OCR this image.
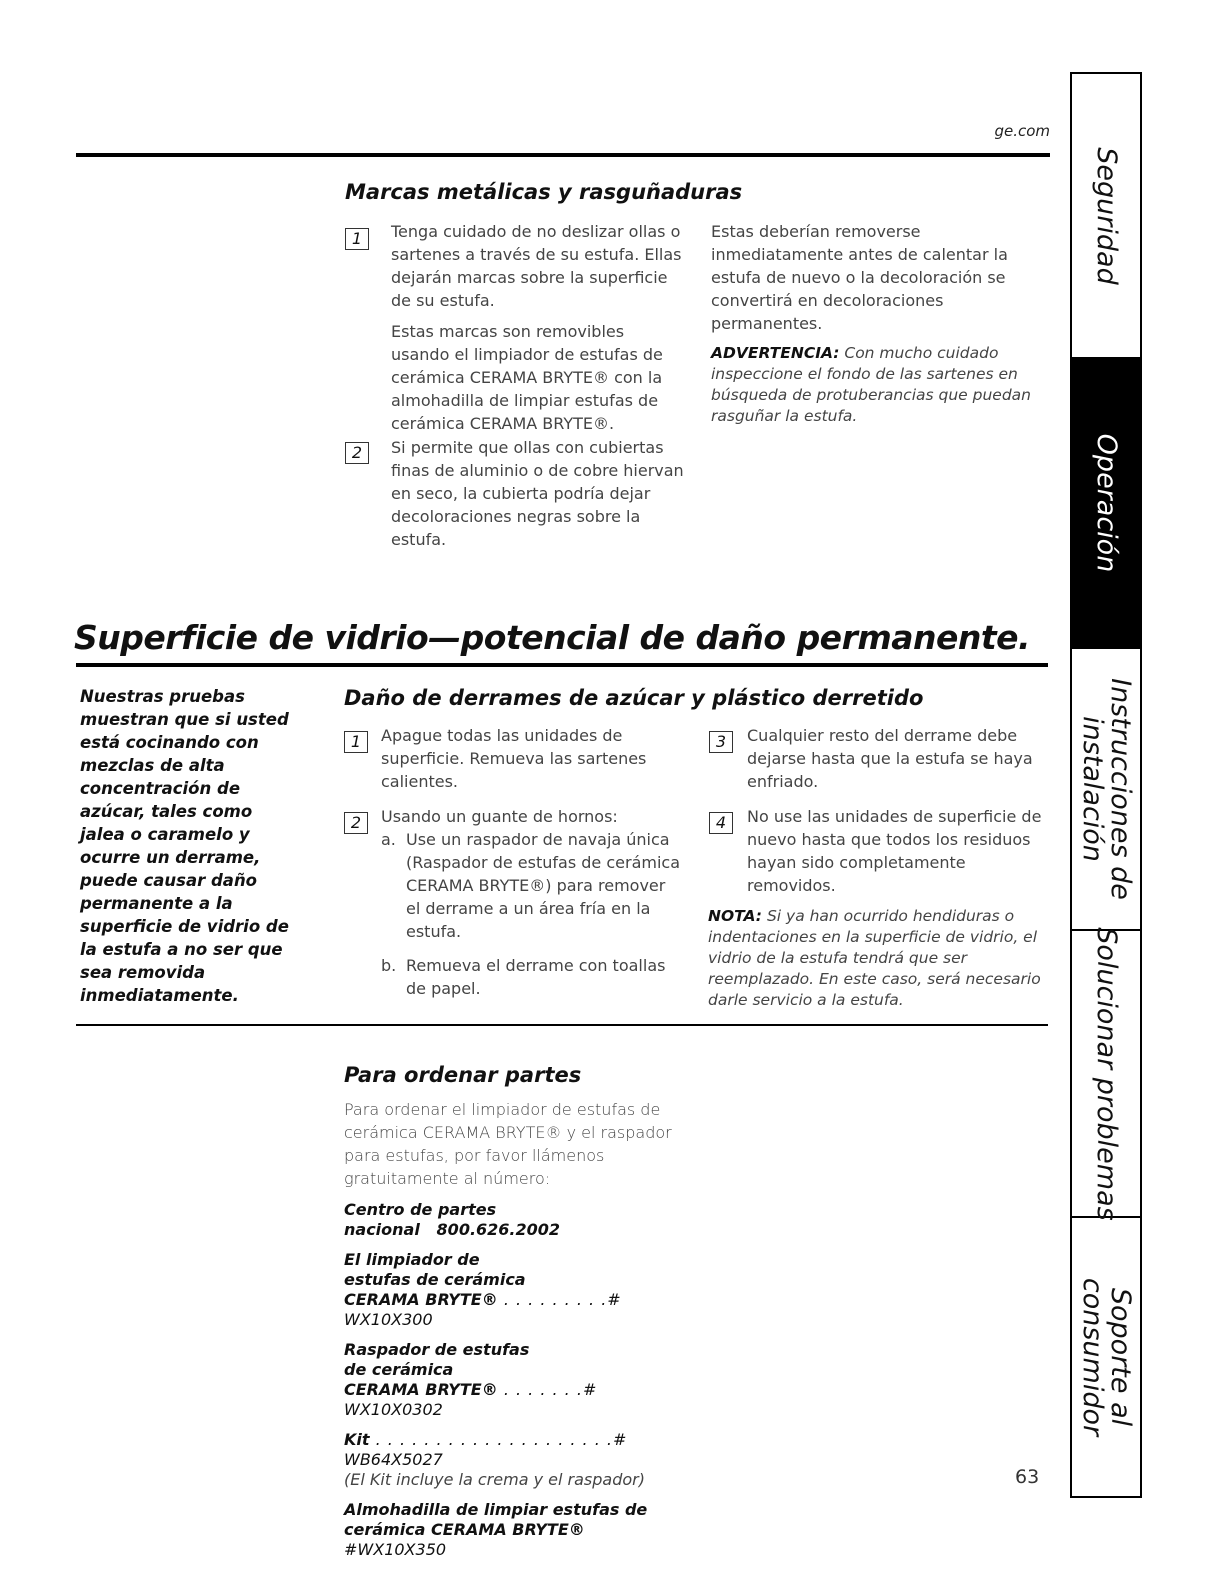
ge.com
Marcas metálicas y rasguñaduras
1	Tenga cuidado de no deslizar ollas o sartenes a través de su estufa. Ellas dejarán marcas sobre la superficie de su estufa.

Estas marcas son removibles usando el limpiador de estufas de cerámica CERAMA BRYTE® con la almohadilla de limpiar estufas de cerámica CERAMA BRYTE®.

2	Si permite que ollas con cubiertas finas de aluminio o de cobre hiervan en seco, la cubierta podría dejar decoloraciones negras sobre la estufa.

Estas deberían removerse inmediatamente antes de calentar la estufa de nuevo o la decoloración se convertirá en decoloraciones permanentes.

ADVERTENCIA: Con mucho cuidado inspeccione el fondo de las sartenes en búsqueda de protuberancias que puedan rasguñar la estufa.
Superficie de vidrio—potencial de daño permanente.
Nuestras pruebas muestran que si usted está cocinando con mezclas de alta concentración de azúcar, tales como jalea o caramelo y ocurre un derrame, puede causar daño permanente a la superficie de vidrio de la estufa a no ser que sea removida inmediatamente.
Daño de derrames de azúcar y plástico derretido
1	Apague todas las unidades de superficie. Remueva las sartenes calientes.

2	Usando un guante de hornos:

a. Use un raspador de navaja única (Raspador de estufas de cerámica CERAMA BRYTE®) para remover el derrame a un área fría en la estufa.
b. Remueva el derrame con toallas de papel.
3	Cualquier resto del derrame debe dejarse hasta que la estufa se haya enfriado.

4	No use las unidades de superficie de nuevo hasta que todos los residuos hayan sido completamente removidos.

NOTA: Si ya han ocurrido hendiduras o indentaciones en la superficie de vidrio, el vidrio de la estufa tendrá que ser reemplazado. En este caso, será necesario darle servicio a la estufa.
Para ordenar partes
Para ordenar el limpiador de estufas de cerámica CERAMA BRYTE® y el raspador para estufas, por favor llámenos gratuitamente al número:
Centro de partes nacional 800.626.2002
El limpiador de
estufas de cerámica
CERAMA BRYTE® . . . . . . . . .# WX10X300
Raspador de estufas
de cerámica
CERAMA BRYTE® . . . . . . .# WX10X0302
Kit . . . . . . . . . . . . . . . . . . . .# WB64X5027
(El Kit incluye la crema y el raspador)
Almohadilla de limpiar estufas de
cerámica CERAMA BRYTE® #WX10X350
63
Seguridad
Operación
Instrucciones de instalación
Solucionar problemas
Soporte al consumidor
